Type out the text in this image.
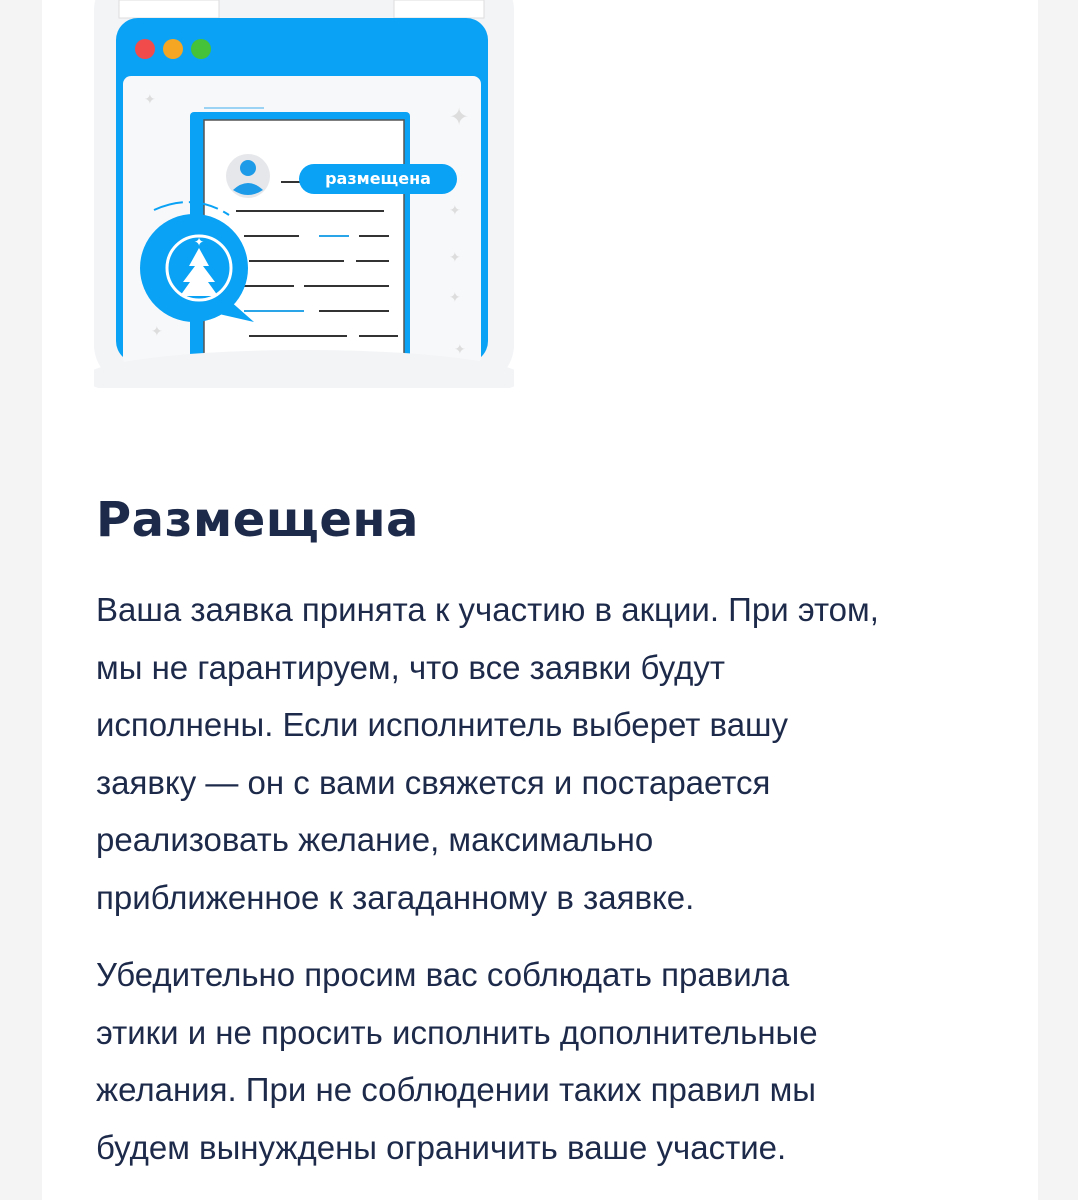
размещена
✦
✦
✦
✦
✦
✦
✦
✦
Размещена
Ваша заявка принята к участию в акции. При этом,
мы не гарантируем, что все заявки будут
исполнены. Если исполнитель выберет вашу
заявку — он с вами свяжется и постарается
реализовать желание, максимально
приближенное к загаданному в заявке.
Убедительно просим вас соблюдать правила
этики и не просить исполнить дополнительные
желания. При не соблюдении таких правил мы
будем вынуждены ограничить ваше участие.
